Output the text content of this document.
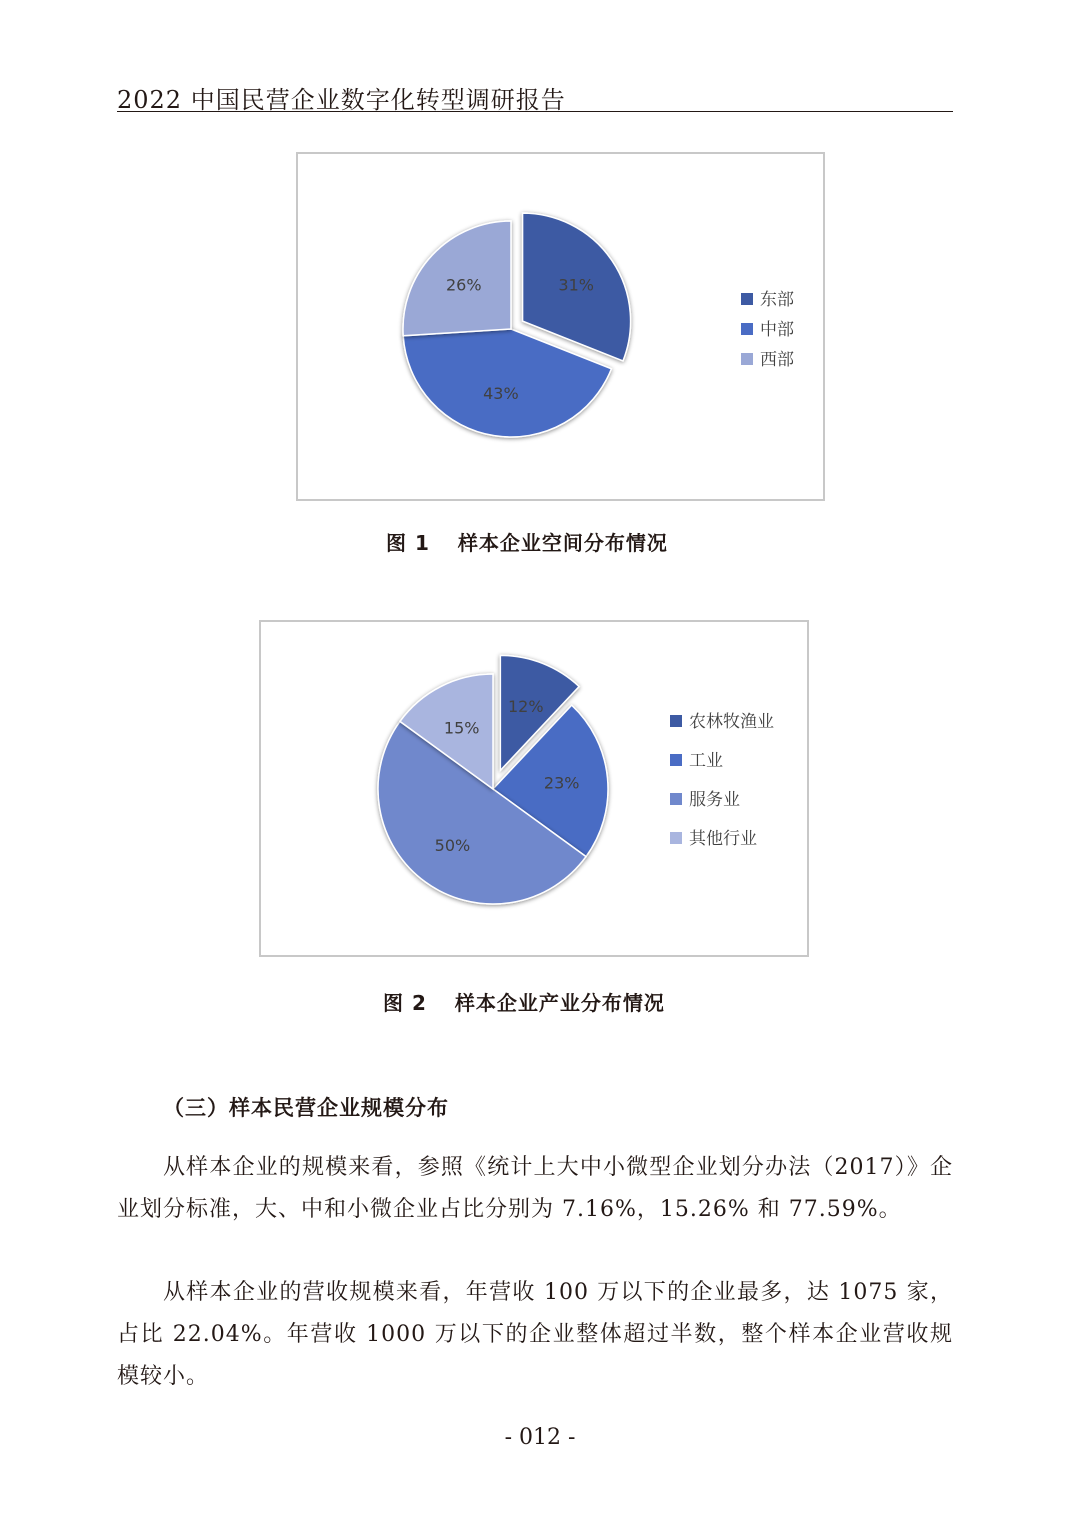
2022 中国民营企业数字化转型调研报告
31%
43%
26%
东部
中部
西部
图 1 样本企业空间分布情况
12%
23%
50%
15%	农林牧渔业
工业
服务业
其他行业
图 2 样本企业产业分布情况
（三）样本民营企业规模分布
从样本企业的规模来看，参照《统计上大中小微型企业划分办法（2017）》企业划分标准，大、中和小微企业占比分别为 7.16%，15.26% 和 77.59%。
从样本企业的营收规模来看，年营收 100 万以下的企业最多，达 1075 家，占比 22.04%。年营收 1000 万以下的企业整体超过半数，整个样本企业营收规模较小。
- 012 -
